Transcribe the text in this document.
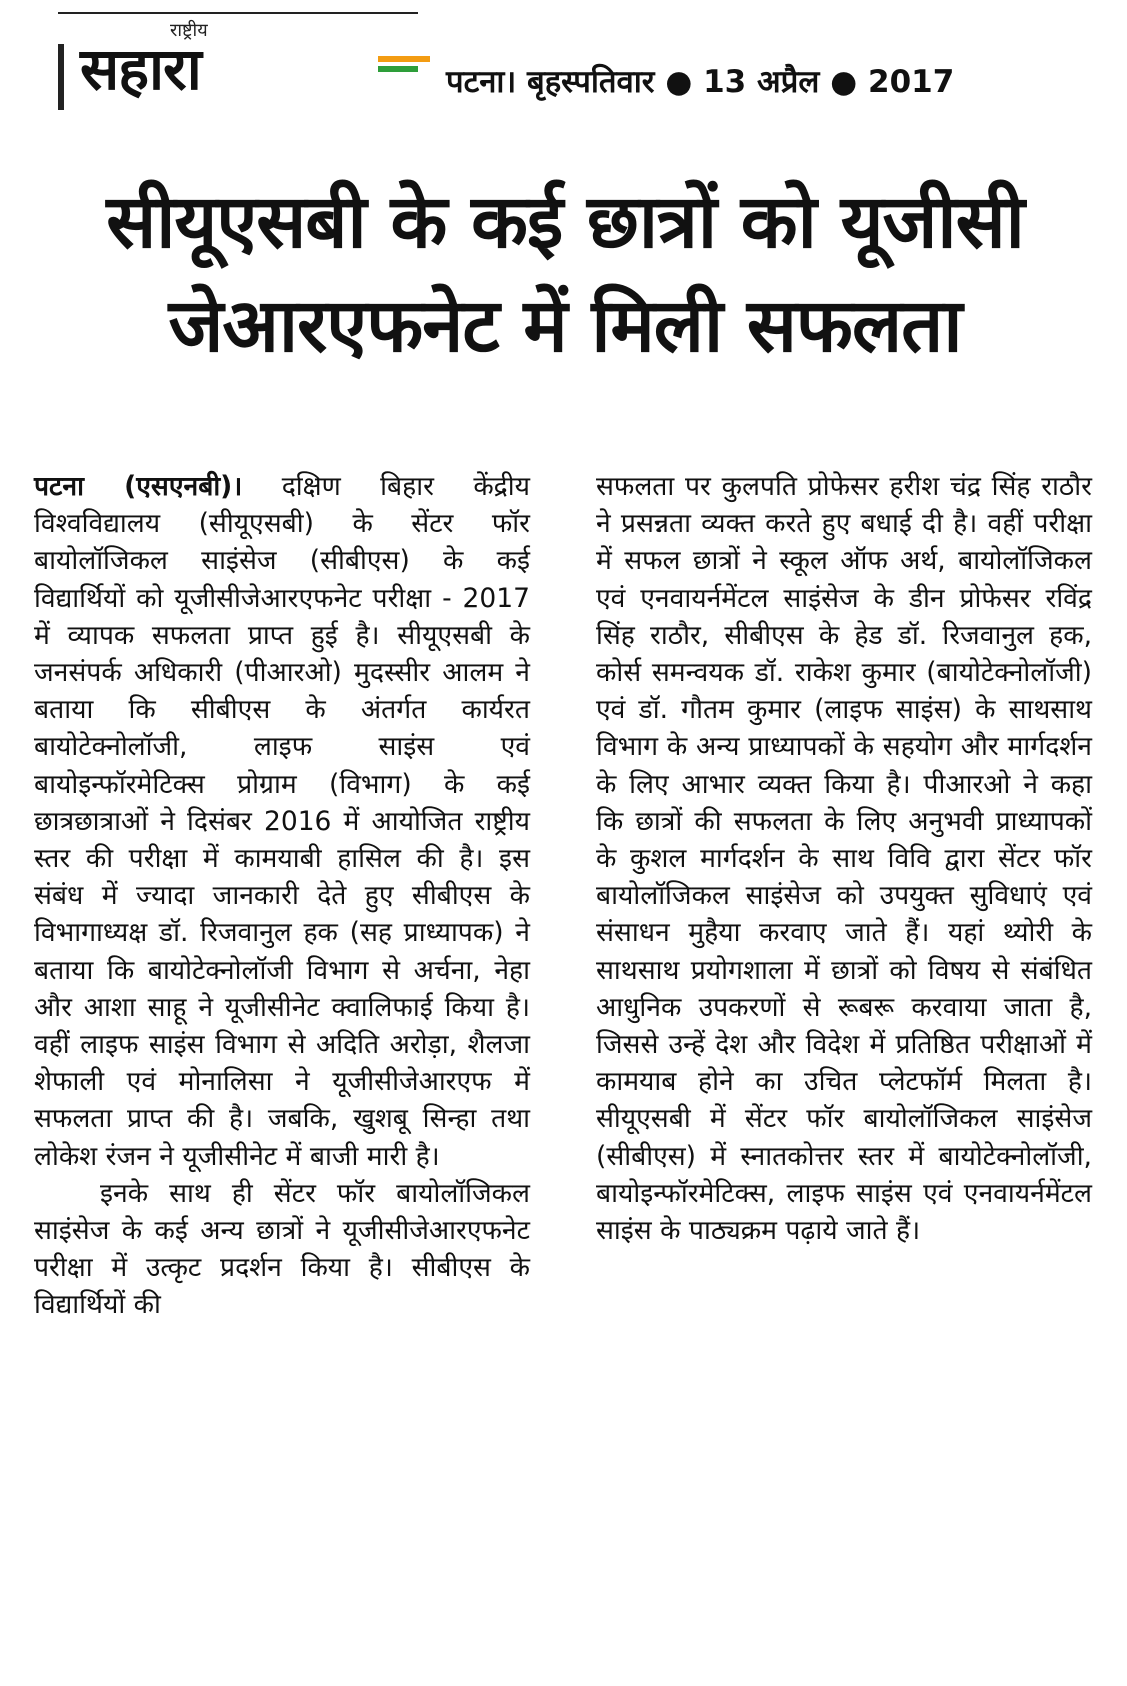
राष्ट्रीय
सहारा	पटना। बृहस्पतिवार ● 13 अप्रैल ● 2017
सीयूएसबी के कई छात्रों को यूजीसी
जेआरएफनेट में मिली सफलता

पटना (एसएनबी)। दक्षिण बिहार केंद्रीय विश्वविद्यालय (सीयूएसबी) के सेंटर फॉर बायोलॉजिकल साइंसेज (सीबीएस) के कई विद्यार्थियों को यूजीसीजेआरएफनेट परीक्षा - 2017 में व्यापक सफलता प्राप्त हुई है। सीयूएसबी के जनसंपर्क अधिकारी (पीआरओ) मुदस्सीर आलम ने बताया कि सीबीएस के अंतर्गत कार्यरत बायोटेक्नोलॉजी, लाइफ साइंस एवं बायोइन्फॉरमेटिक्स प्रोग्राम (विभाग) के कई छात्रछात्राओं ने दिसंबर 2016 में आयोजित राष्ट्रीय स्तर की परीक्षा में कामयाबी हासिल की है। इस संबंध में ज्यादा जानकारी देते हुए सीबीएस के विभागाध्यक्ष डॉ. रिजवानुल हक (सह प्राध्यापक) ने बताया कि बायोटेक्नोलॉजी विभाग से अर्चना, नेहा और आशा साहू ने यूजीसीनेट क्वालिफाई किया है। वहीं लाइफ साइंस विभाग से अदिति अरोड़ा, शैलजा शेफाली एवं मोनालिसा ने यूजीसीजेआरएफ में सफलता प्राप्त की है। जबकि, खुशबू सिन्हा तथा लोकेश रंजन ने यूजीसीनेट में बाजी मारी है।

इनके साथ ही सेंटर फॉर बायोलॉजिकल साइंसेज के कई अन्य छात्रों ने यूजीसीजेआरएफनेट परीक्षा में उत्कृट प्रदर्शन किया है। सीबीएस के विद्यार्थियों की

सफलता पर कुलपति प्रोफेसर हरीश चंद्र सिंह राठौर ने प्रसन्नता व्यक्त करते हुए बधाई दी है। वहीं परीक्षा में सफल छात्रों ने स्कूल ऑफ अर्थ, बायोलॉजिकल एवं एनवायर्नमेंटल साइंसेज के डीन प्रोफेसर रविंद्र सिंह राठौर, सीबीएस के हेड डॉ. रिजवानुल हक, कोर्स समन्वयक डॉ. राकेश कुमार (बायोटेक्नोलॉजी) एवं डॉ. गौतम कुमार (लाइफ साइंस) के साथसाथ विभाग के अन्य प्राध्यापकों के सहयोग और मार्गदर्शन के लिए आभार व्यक्त किया है। पीआरओ ने कहा कि छात्रों की सफलता के लिए अनुभवी प्राध्यापकों के कुशल मार्गदर्शन के साथ विवि द्वारा सेंटर फॉर बायोलॉजिकल साइंसेज को उपयुक्त सुविधाएं एवं संसाधन मुहैया करवाए जाते हैं। यहां थ्योरी के साथसाथ प्रयोगशाला में छात्रों को विषय से संबंधित आधुनिक उपकरणों से रूबरू करवाया जाता है, जिससे उन्हें देश और विदेश में प्रतिष्ठित परीक्षाओं में कामयाब होने का उचित प्लेटफॉर्म मिलता है। सीयूएसबी में सेंटर फॉर बायोलॉजिकल साइंसेज (सीबीएस) में स्नातकोत्तर स्तर में बायोटेक्नोलॉजी, बायोइन्फॉरमेटिक्स, लाइफ साइंस एवं एनवायर्नमेंटल साइंस के पाठ्यक्रम पढ़ाये जाते हैं।
